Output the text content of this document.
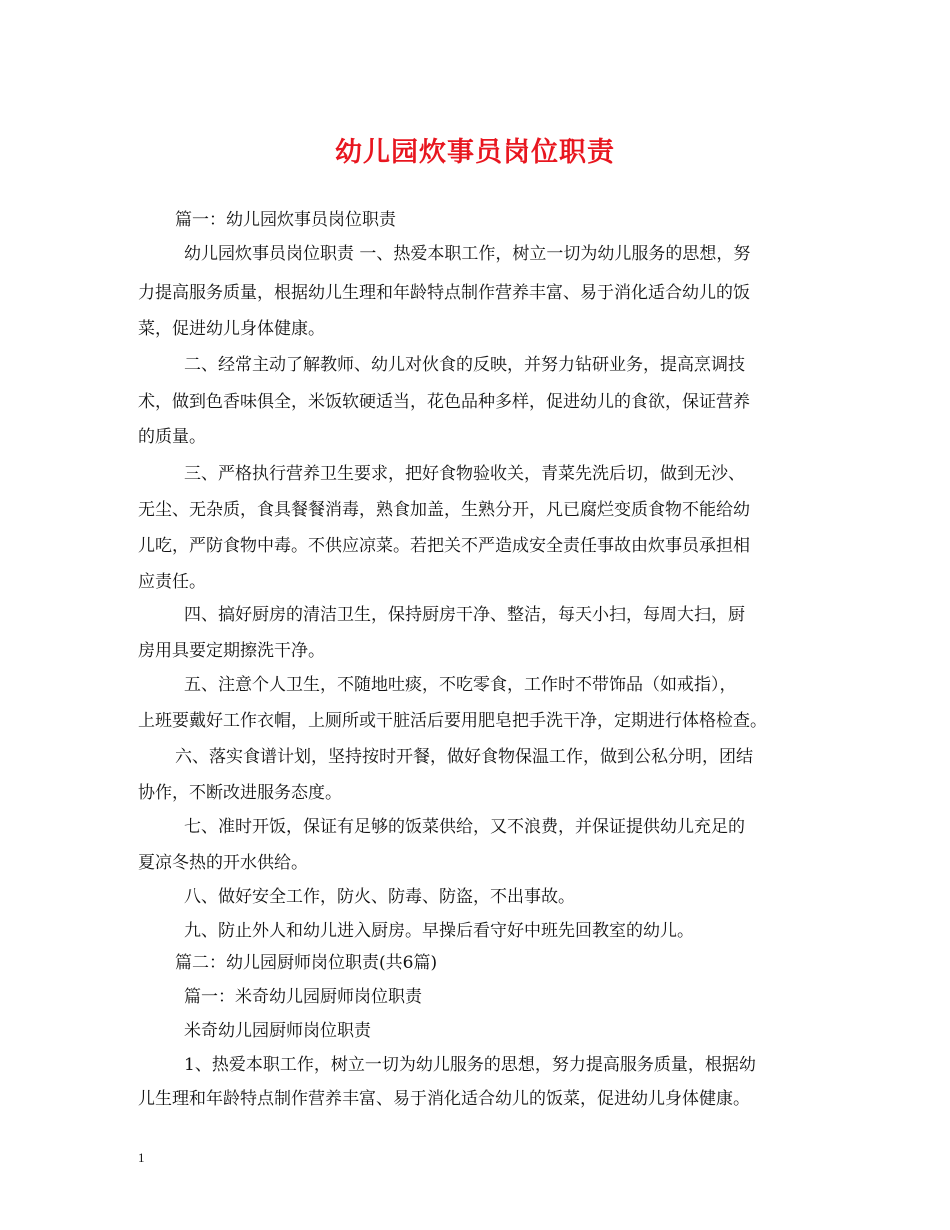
幼儿园炊事员岗位职责
篇一：幼儿园炊事员岗位职责
幼儿园炊事员岗位职责 一、热爱本职工作，树立一切为幼儿服务的思想，努
力提高服务质量，根据幼儿生理和年龄特点制作营养丰富、易于消化适合幼儿的饭
菜，促进幼儿身体健康。
二、经常主动了解教师、幼儿对伙食的反映，并努力钻研业务，提高烹调技
术，做到色香味俱全，米饭软硬适当，花色品种多样，促进幼儿的食欲，保证营养
的质量。
三、严格执行营养卫生要求，把好食物验收关，青菜先洗后切，做到无沙、
无尘、无杂质，食具餐餐消毒，熟食加盖，生熟分开，凡已腐烂变质食物不能给幼
儿吃，严防食物中毒。不供应凉菜。若把关不严造成安全责任事故由炊事员承担相
应责任。
四、搞好厨房的清洁卫生，保持厨房干净、整洁，每天小扫，每周大扫，厨
房用具要定期擦洗干净。
五、注意个人卫生，不随地吐痰，不吃零食，工作时不带饰品（如戒指），
上班要戴好工作衣帽，上厕所或干脏活后要用肥皂把手洗干净，定期进行体格检查。
六、落实食谱计划，坚持按时开餐，做好食物保温工作，做到公私分明，团结
协作，不断改进服务态度。
七、准时开饭，保证有足够的饭菜供给，又不浪费，并保证提供幼儿充足的
夏凉冬热的开水供给。
八、做好安全工作，防火、防毒、防盗，不出事故。
九、防止外人和幼儿进入厨房。早操后看守好中班先回教室的幼儿。
篇二：幼儿园厨师岗位职责(共6篇)
篇一：米奇幼儿园厨师岗位职责
米奇幼儿园厨师岗位职责
1、热爱本职工作，树立一切为幼儿服务的思想，努力提高服务质量，根据幼
儿生理和年龄特点制作营养丰富、易于消化适合幼儿的饭菜，促进幼儿身体健康。
1
